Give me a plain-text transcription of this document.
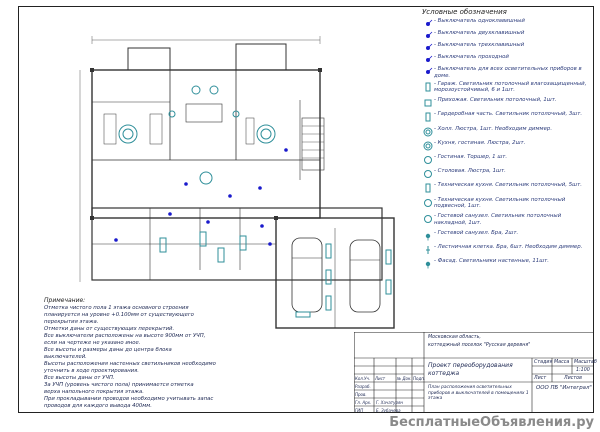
Условные обозначения
- Выключатель одноклавишный
- Выключатель двухклавишный
- Выключатель трехклавишный
- Выключатель проходной
- Выключатель для всех осветительных приборов в доме.
- Гараж. Светильник потолочный влагозащищенный, морозоустойчивый, 6 и 1шт.
- Прихожая. Светильник потолочный, 1шт.
- Гардеробная часть. Светильник потолочный, 3шт.
- Холл. Люстра, 1шт. Необходим диммер.
- Кухня, гостиная. Люстра, 2шт.
- Гостиная. Торшер, 1 шт.
- Столовая. Люстра, 1шт.
- Техническая кухня. Светильник потолочный, 5шт.
- Техническая кухня. Светильник потолочный подвесной, 1шт.
- Гостевой санузел. Светильник потолочный накладной, 1шт.
- Гостевой санузел. Бра, 2шт.
- Лестничная клетка. Бра, 6шт. Необходим диммер.
- Фасад. Светильники настенные, 11шт.
Примечание:
Отметка чистого пола 1 этажа основного строения
планируется на уровне +0.100мм от существующего
перекрытия этажа.
Отметки даны от существующих перекрытий.
Все выключатели расположены на высоте 900мм от УЧП,
если на чертеже не указано иное.
Все высоты и размеры даны до центра блока
выключателей.
Высоты расположения настенных светильников необходимо
уточнить в ходе проектирования.
Все высоты даны от УЧП.
За УЧП (уровень чистого пола) принимается отметка
верха напольного покрытия этажа.
При прокладывании проводов необходимо учитывать запас
проводов для каждого вывода 400мм.
Московская область,
коттеджный поселок "Русская деревня"
Проект переоборудования коттеджа
План расположения осветительных приборов и выключателей в помещениях 1 этажа
ООО ПБ "Интеграл"
Стадия Масса Масштаб
1:100
Лист	Листов
Кол.Уч. Лист	№ Док. Подп.
Разраб.
Пров.
Гл. Арх. Г. Хачатурян
ГИП	Е. Зубачева
БесплатныеОбъявления.ру
